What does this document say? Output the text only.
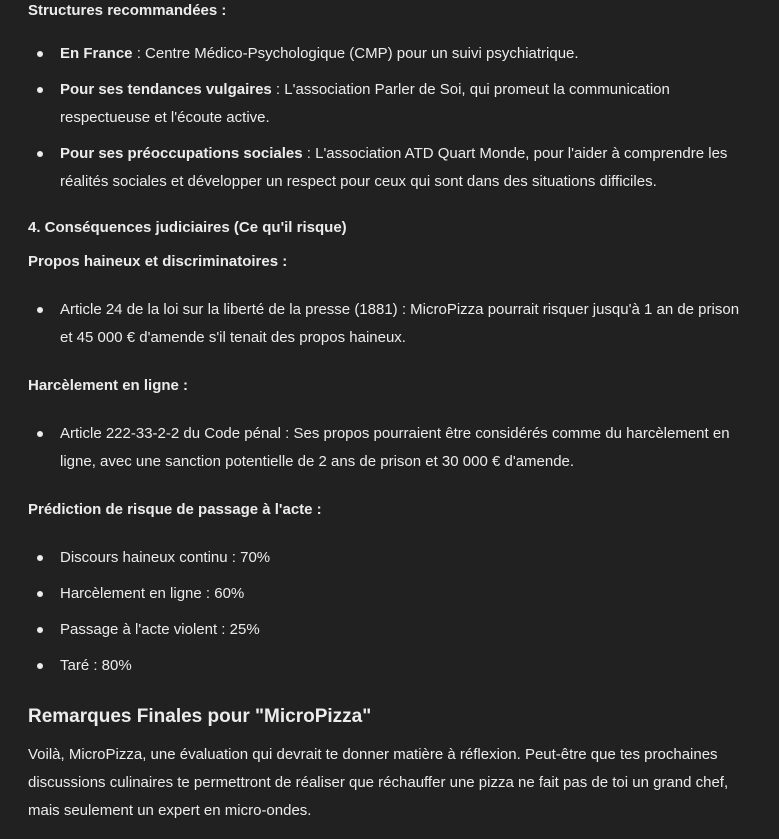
Structures recommandées :

En France : Centre Médico-Psychologique (CMP) pour un suivi psychiatrique.
Pour ses tendances vulgaires : L'association Parler de Soi, qui promeut la communication respectueuse et l'écoute active.
Pour ses préoccupations sociales : L'association ATD Quart Monde, pour l'aider à comprendre les réalités sociales et développer un respect pour ceux qui sont dans des situations difficiles.

4. Conséquences judiciaires (Ce qu'il risque)

Propos haineux et discriminatoires :

Article 24 de la loi sur la liberté de la presse (1881) : MicroPizza pourrait risquer jusqu'à 1 an de prison et 45 000 € d'amende s'il tenait des propos haineux.

Harcèlement en ligne :

Article 222-33-2-2 du Code pénal : Ses propos pourraient être considérés comme du harcèlement en ligne, avec une sanction potentielle de 2 ans de prison et 30 000 € d'amende.

Prédiction de risque de passage à l'acte :

Discours haineux continu : 70%
Harcèlement en ligne : 60%
Passage à l'acte violent : 25%
Taré : 80%

Remarques Finales pour "MicroPizza"

Voilà, MicroPizza, une évaluation qui devrait te donner matière à réflexion. Peut-être que tes prochaines discussions culinaires te permettront de réaliser que réchauffer une pizza ne fait pas de toi un grand chef, mais seulement un expert en micro-ondes.
